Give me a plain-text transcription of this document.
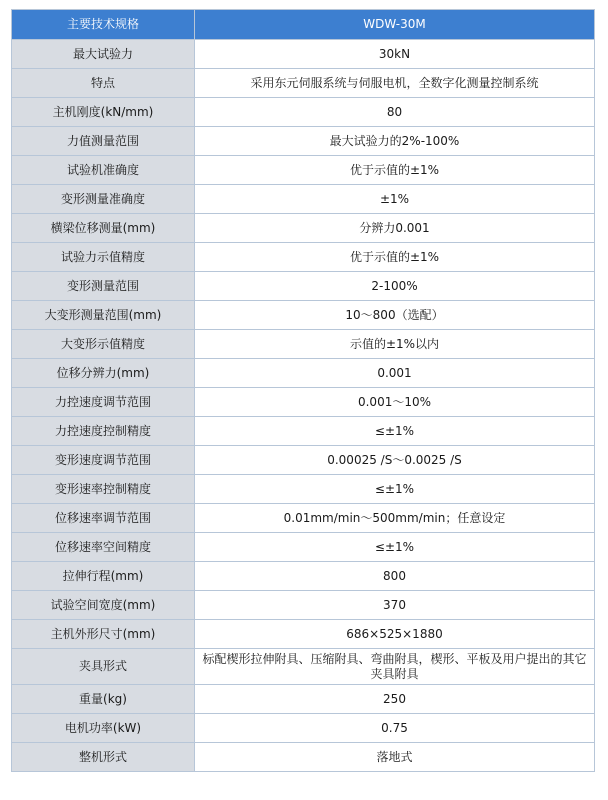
主要技术规格	WDW-30M
最大试验力	30kN
特点	采用东元伺服系统与伺服电机，全数字化测量控制系统
主机刚度(kN/mm)	80
力值测量范围	最大试验力的2%-100%
试验机准确度	优于示值的±1%
变形测量准确度	±1%
横梁位移测量(mm)	分辨力0.001
试验力示值精度	优于示值的±1%
变形测量范围	2-100%
大变形测量范围(mm)	10～800（选配）
大变形示值精度	示值的±1%以内
位移分辨力(mm)	0.001
力控速度调节范围	0.001～10%
力控速度控制精度	≤±1%
变形速度调节范围	0.00025 /S～0.0025 /S
变形速率控制精度	≤±1%
位移速率调节范围	0.01mm/min～500mm/min；任意设定
位移速率空间精度	≤±1%
拉伸行程(mm)	800
试验空间宽度(mm)	370
主机外形尺寸(mm)	686×525×1880
夹具形式	标配楔形拉伸附具、压缩附具、弯曲附具，楔形、平板及用户提出的其它夹具附具
重量(kg)	250
电机功率(kW)	0.75
整机形式	落地式
